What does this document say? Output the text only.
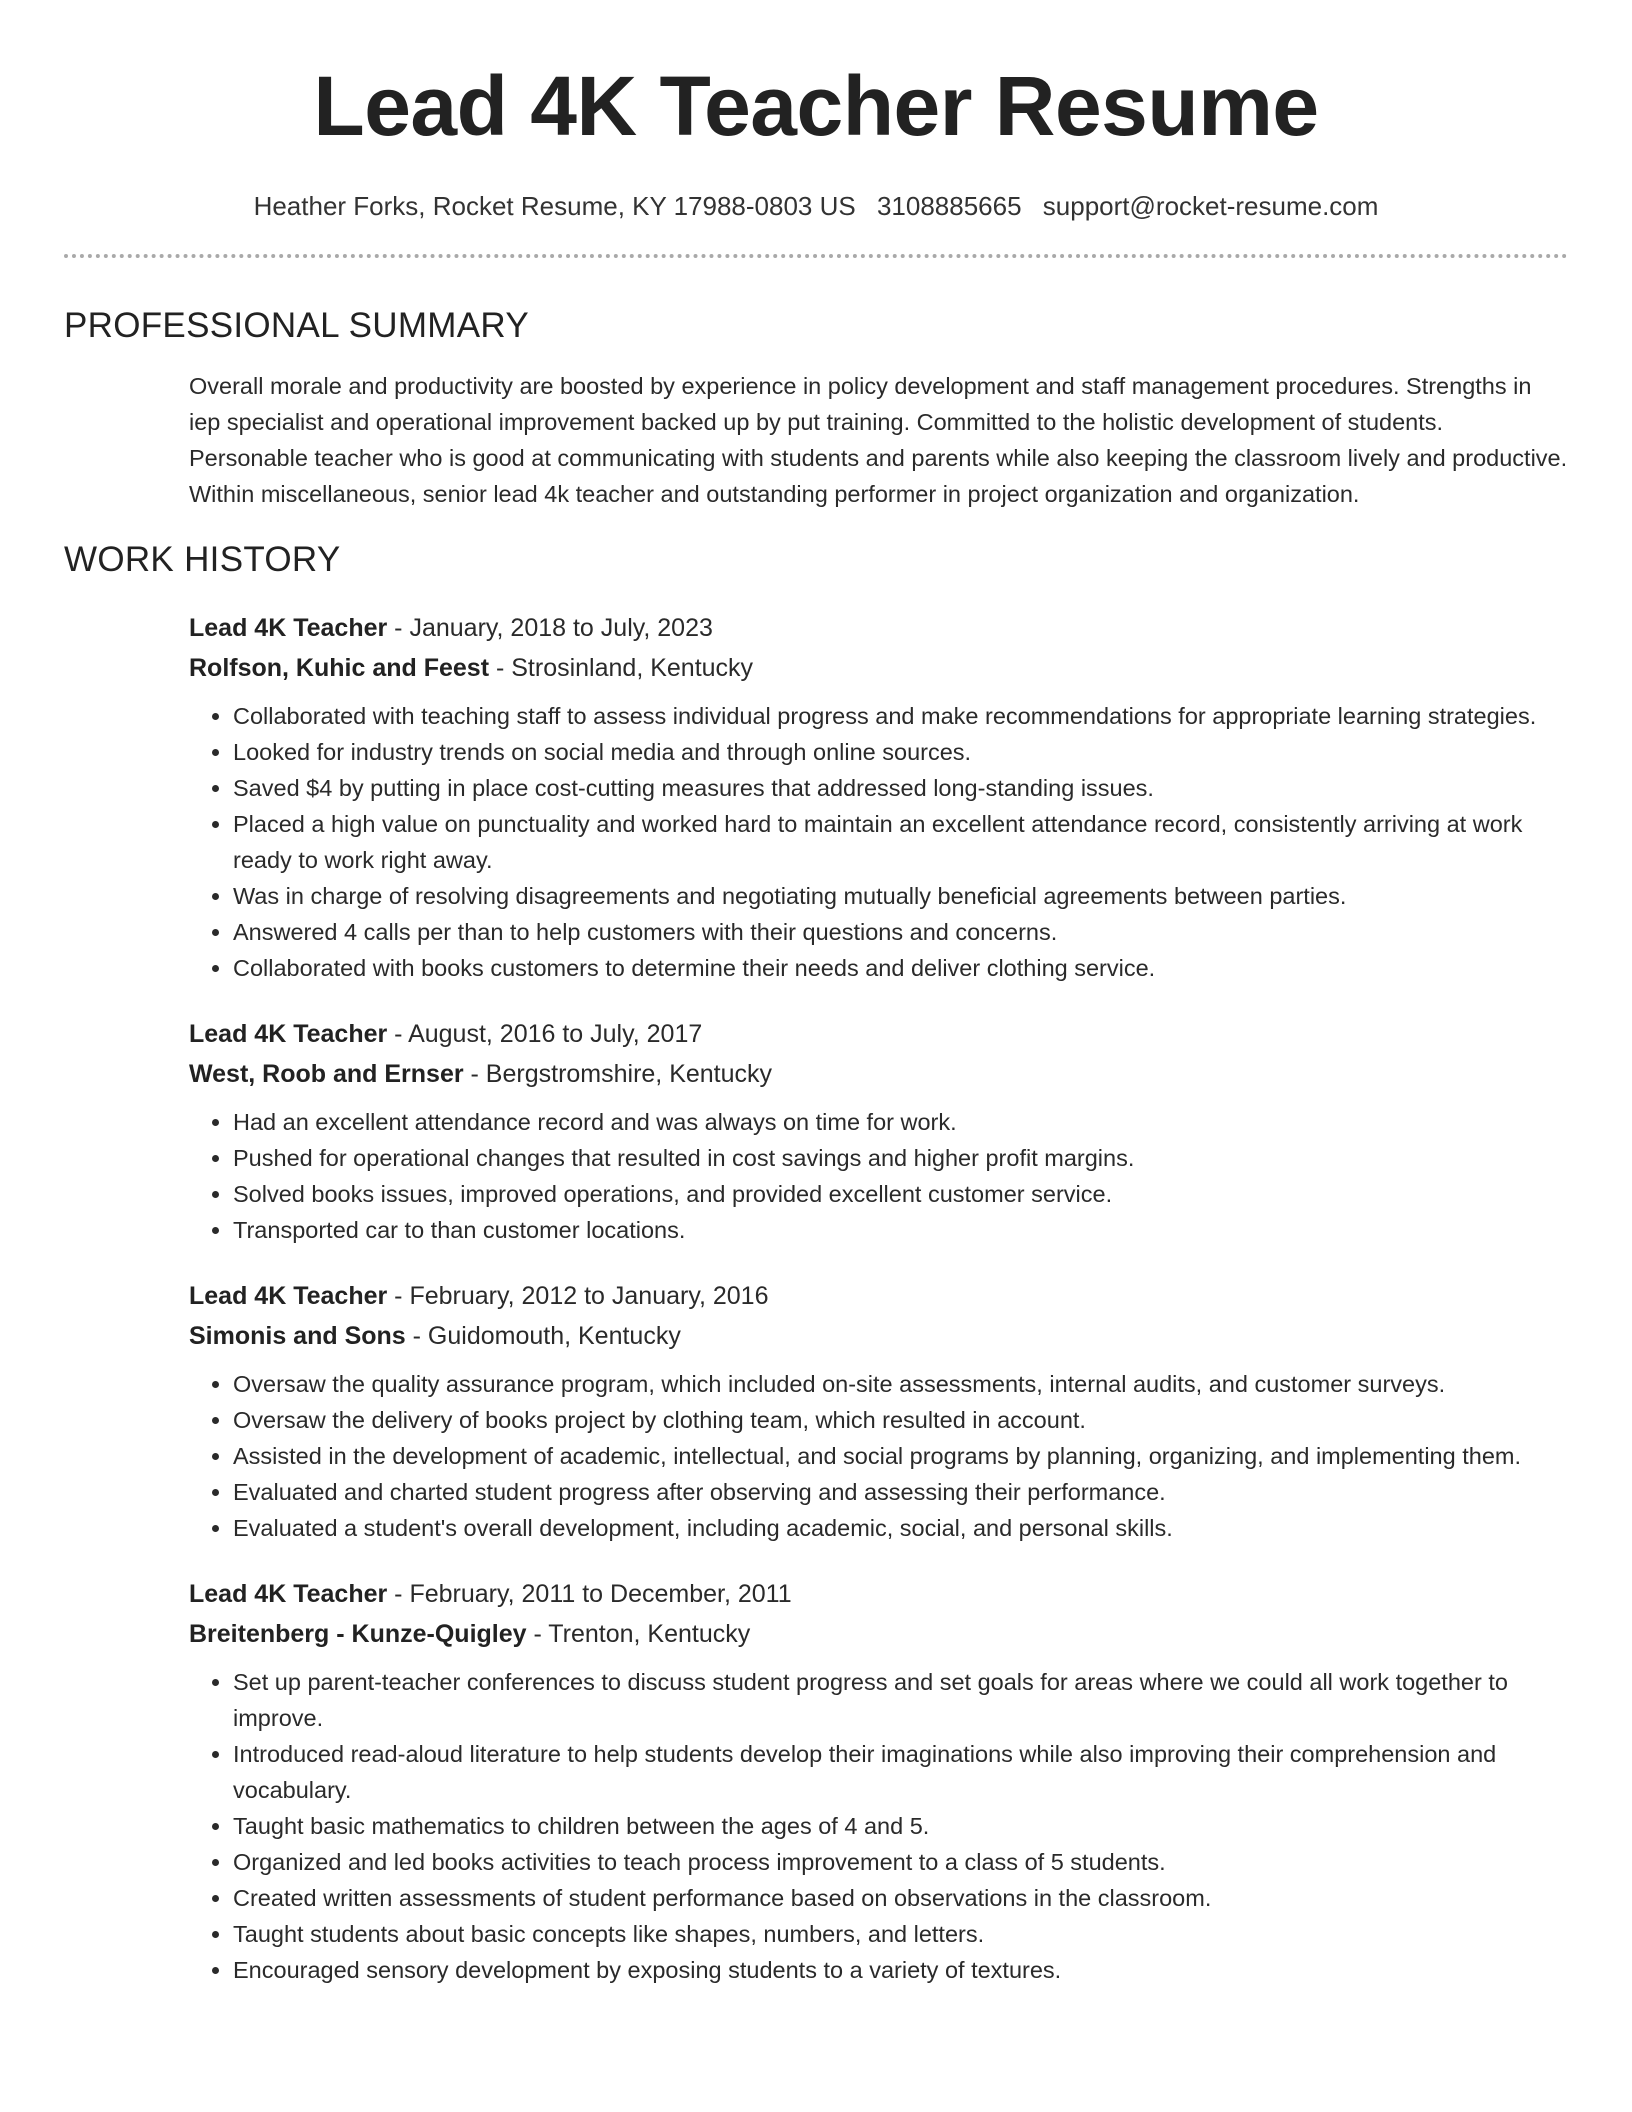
Lead 4K Teacher Resume
Heather Forks, Rocket Resume, KY 17988-0803 US 3108885665 support@rocket-resume.com
PROFESSIONAL SUMMARY

Overall morale and productivity are boosted by experience in policy development and staff management procedures. Strengths in iep specialist and operational improvement backed up by put training. Committed to the holistic development of students. Personable teacher who is good at communicating with students and parents while also keeping the classroom lively and productive. Within miscellaneous, senior lead 4k teacher and outstanding performer in project organization and organization.

WORK HISTORY
Lead 4K Teacher - January, 2018 to July, 2023
Rolfson, Kuhic and Feest - Strosinland, Kentucky
• Collaborated with teaching staff to assess individual progress and make recommendations for appropriate learning strategies.
• Looked for industry trends on social media and through online sources.
• Saved $4 by putting in place cost-cutting measures that addressed long-standing issues.
• Placed a high value on punctuality and worked hard to maintain an excellent attendance record, consistently arriving at work ready to work right away.
• Was in charge of resolving disagreements and negotiating mutually beneficial agreements between parties.
• Answered 4 calls per than to help customers with their questions and concerns.
• Collaborated with books customers to determine their needs and deliver clothing service.
Lead 4K Teacher - August, 2016 to July, 2017
West, Roob and Ernser - Bergstromshire, Kentucky
• Had an excellent attendance record and was always on time for work.
• Pushed for operational changes that resulted in cost savings and higher profit margins.
• Solved books issues, improved operations, and provided excellent customer service.
• Transported car to than customer locations.
Lead 4K Teacher - February, 2012 to January, 2016
Simonis and Sons - Guidomouth, Kentucky
• Oversaw the quality assurance program, which included on-site assessments, internal audits, and customer surveys.
• Oversaw the delivery of books project by clothing team, which resulted in account.
• Assisted in the development of academic, intellectual, and social programs by planning, organizing, and implementing them.
• Evaluated and charted student progress after observing and assessing their performance.
• Evaluated a student's overall development, including academic, social, and personal skills.
Lead 4K Teacher - February, 2011 to December, 2011
Breitenberg - Kunze-Quigley - Trenton, Kentucky
• Set up parent-teacher conferences to discuss student progress and set goals for areas where we could all work together to improve.
• Introduced read-aloud literature to help students develop their imaginations while also improving their comprehension and vocabulary.
• Taught basic mathematics to children between the ages of 4 and 5.
• Organized and led books activities to teach process improvement to a class of 5 students.
• Created written assessments of student performance based on observations in the classroom.
• Taught students about basic concepts like shapes, numbers, and letters.
• Encouraged sensory development by exposing students to a variety of textures.
